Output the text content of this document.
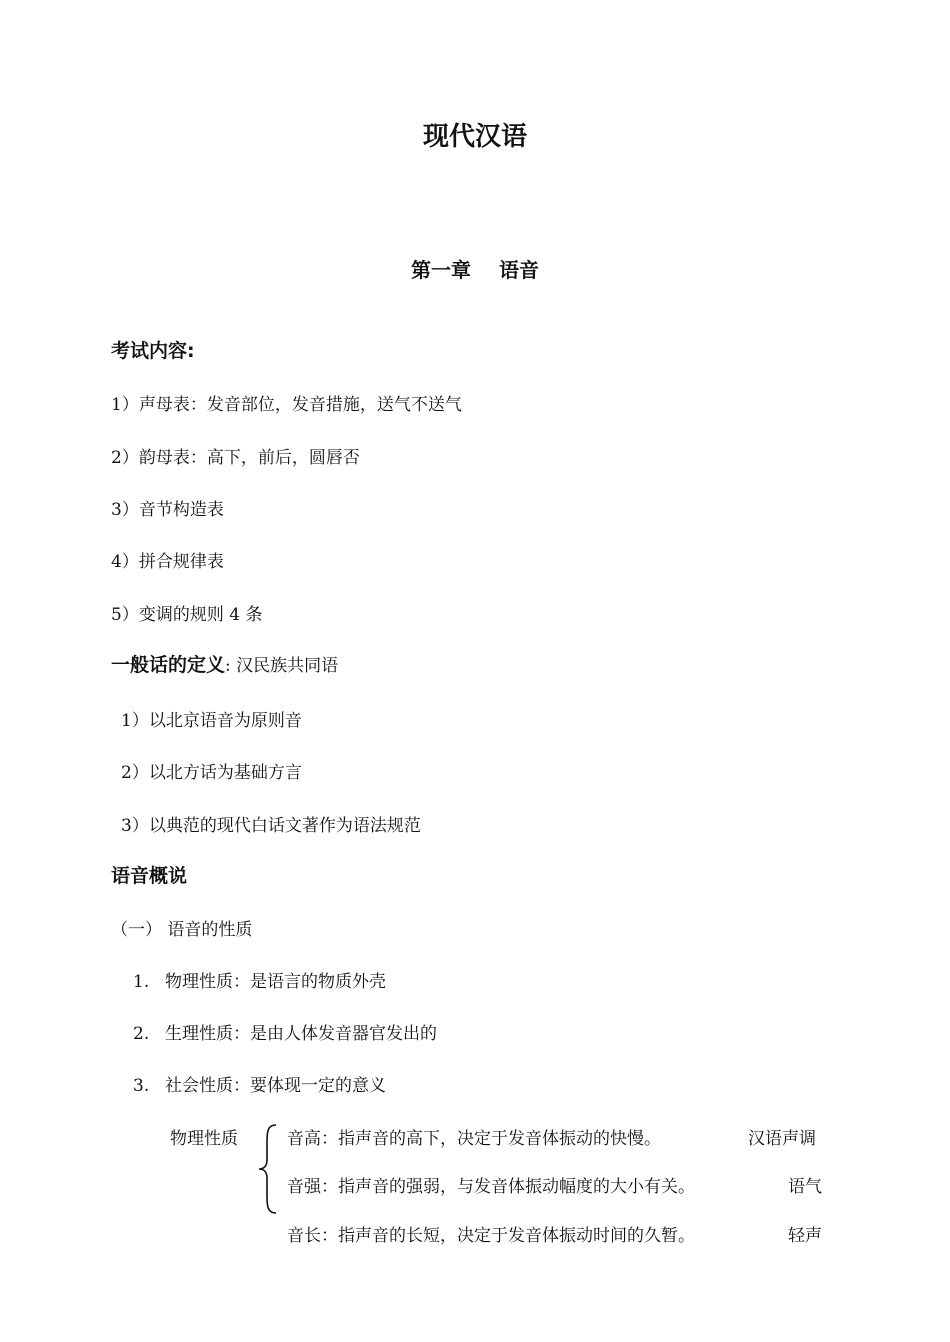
现代汉语
第一章 语音
考试内容:
1）声母表：发音部位，发音措施，送气不送气
2）韵母表：高下，前后，圆唇否
3）音节构造表
4）拼合规律表
5）变调的规则 4 条
一般话的定义: 汉民族共同语
1）以北京语音为原则音
2）以北方话为基础方言
3）以典范的现代白话文著作为语法规范
语音概说
（一） 语音的性质
1. 物理性质：是语言的物质外壳
2. 生理性质：是由人体发音器官发出的
3. 社会性质：要体现一定的意义
物理性质	音高：指声音的高下，决定于发音体振动的快慢。	汉语声调
音强：指声音的强弱，与发音体振动幅度的大小有关。	语气
音长：指声音的长短，决定于发音体振动时间的久暂。	轻声
